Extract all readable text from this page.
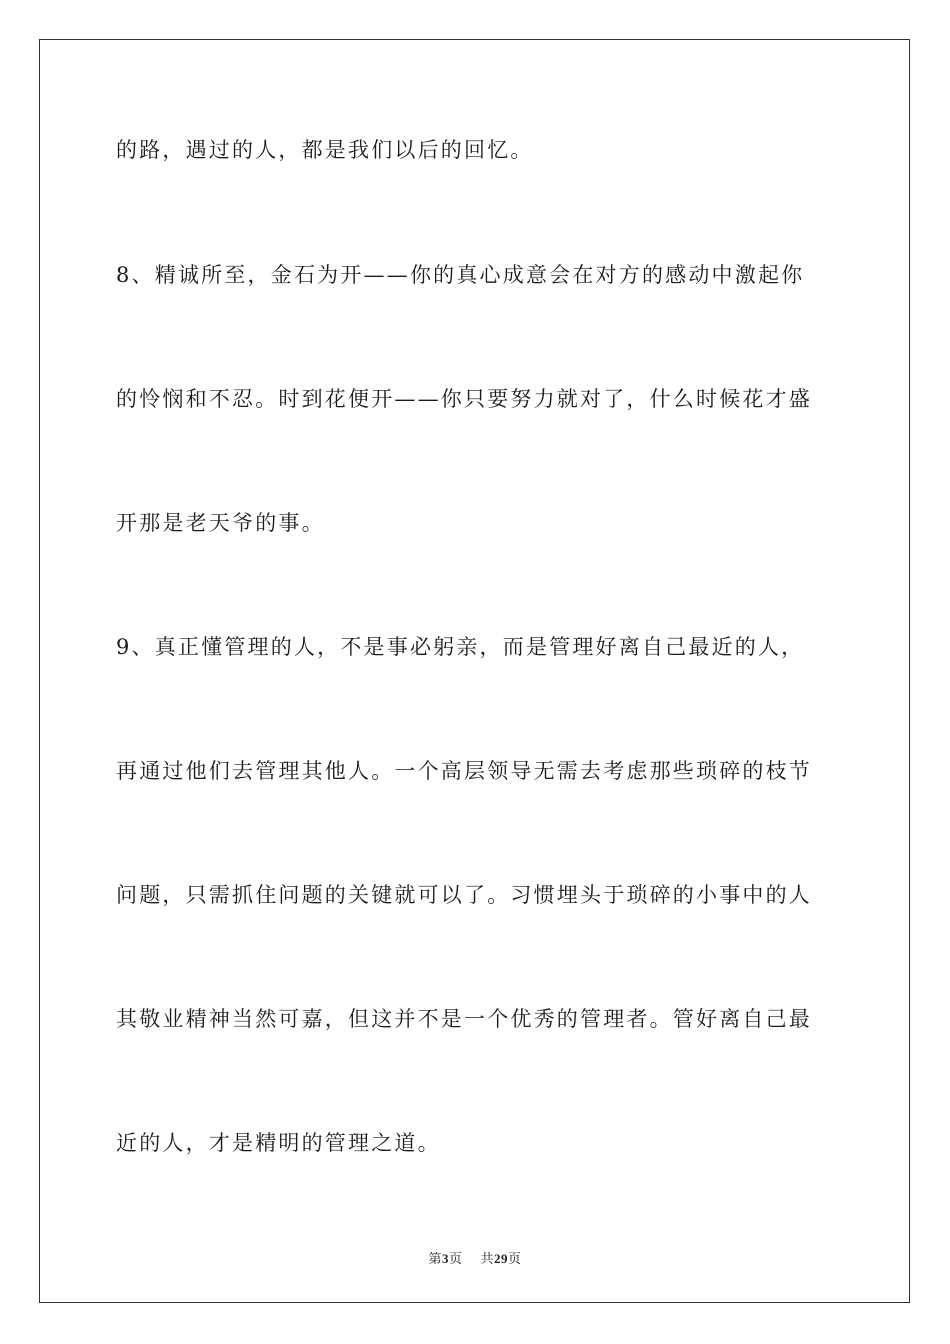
的路，遇过的人，都是我们以后的回忆。
8、精诚所至，金石为开——你的真心成意会在对方的感动中激起你
的怜悯和不忍。时到花便开——你只要努力就对了，什么时候花才盛
开那是老天爷的事。
9、真正懂管理的人，不是事必躬亲，而是管理好离自己最近的人，
再通过他们去管理其他人。一个高层领导无需去考虑那些琐碎的枝节
问题，只需抓住问题的关键就可以了。习惯埋头于琐碎的小事中的人
其敬业精神当然可嘉，但这并不是一个优秀的管理者。管好离自己最
近的人，才是精明的管理之道。
第3页 共29页
